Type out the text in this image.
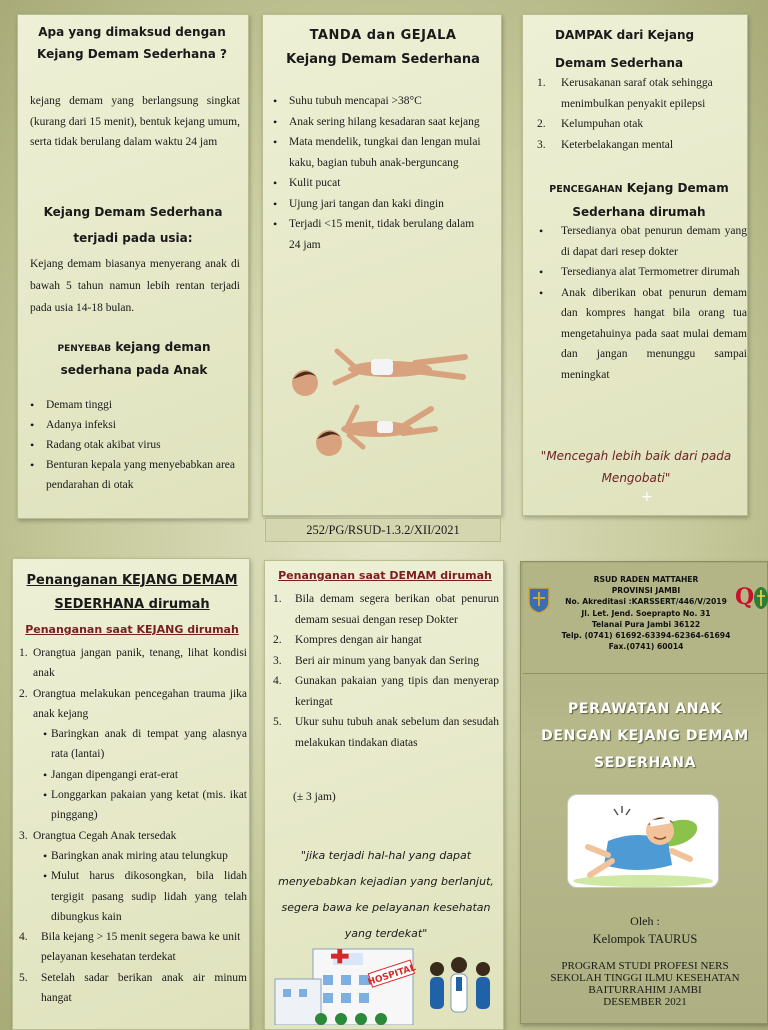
Apa yang dimaksud dengan Kejang Demam Sederhana ?
kejang demam yang berlangsung singkat (kurang dari 15 menit), bentuk kejang umum, serta tidak berulang dalam waktu 24 jam
Kejang Demam Sederhana terjadi pada usia:
Kejang demam biasanya menyerang anak di bawah 5 tahun namun lebih rentan terjadi pada usia 14-18 bulan.
PENYEBAB kejang deman sederhana pada Anak
• Demam tinggi
• Adanya infeksi
• Radang otak akibat virus
• Benturan kepala yang menyebabkan area pendarahan di otak
TANDA dan GEJALA
Kejang Demam Sederhana
• Suhu tubuh mencapai >38°C
• Anak sering hilang kesadaran saat kejang
• Mata mendelik, tungkai dan lengan mulai kaku, bagian tubuh anak-berguncang
• Kulit pucat
• Ujung jari tangan dan kaki dingin
• Terjadi <15 menit, tidak berulang dalam 24 jam
DAMPAK dari Kejang Demam Sederhana
1. Kerusakanan saraf otak sehingga menimbulkan penyakit epilepsi
2. Kelumpuhan otak
3. Keterbelakangan mental
PENCEGAHAN Kejang Demam Sederhana dirumah
• Tersedianya obat penurun demam yang di dapat dari resep dokter
• Tersedianya alat Termometrer dirumah
• Anak diberikan obat penurun demam dan kompres hangat bila orang tua mengetahuinya pada saat mulai demam dan jangan menunggu sampai meningkat
"Mencegah lebih baik dari pada Mengobati"
+
252/PG/RSUD-1.3.2/XII/2021
Penanganan KEJANG DEMAM SEDERHANA dirumah
Penanganan saat KEJANG dirumah
1. Orangtua jangan panik, tenang, lihat kondisi anak
2. Orangtua melakukan pencegahan trauma jika anak kejang
• Baringkan anak di tempat yang alasnya rata (lantai)
• Jangan dipengangi erat-erat
• Longgarkan pakaian yang ketat (mis. ikat pinggang)
3. Orangtua Cegah Anak tersedak
• Baringkan anak miring atau telungkup
• Mulut harus dikosongkan, bila lidah tergigit pasang sudip lidah yang telah dibungkus kain
4. Bila kejang > 15 menit segera bawa ke unit pelayanan kesehatan terdekat
5. Setelah sadar berikan anak air minum hangat
Penanganan saat DEMAM dirumah
1. Bila demam segera berikan obat penurun demam sesuai dengan resep Dokter
2. Kompres dengan air hangat
3. Beri air minum yang banyak dan Sering
4. Gunakan pakaian yang tipis dan menyerap keringat
5. Ukur suhu tubuh anak sebelum dan sesudah melakukan tindakan diatas
(± 3 jam)
"jika terjadi hal-hal yang dapat menyebabkan kejadian yang berlanjut, segera bawa ke pelayanan kesehatan yang terdekat"
HOSPITAL
RSUD RADEN MATTAHER
PROVINSI JAMBI
No. Akreditasi :KARSSERT/446/V/2019
Jl. Let. Jend. Soeprapto No. 31
Telanai Pura Jambi 36122
Telp. (0741) 61692-63394-62364-61694
Fax.(0741) 60014
Q
PERAWATAN ANAK DENGAN KEJANG DEMAM SEDERHANA
Oleh :
Kelompok TAURUS
PROGRAM STUDI PROFESI NERS
SEKOLAH TINGGI ILMU KESEHATAN
BAITURRAHIM JAMBI
DESEMBER 2021
